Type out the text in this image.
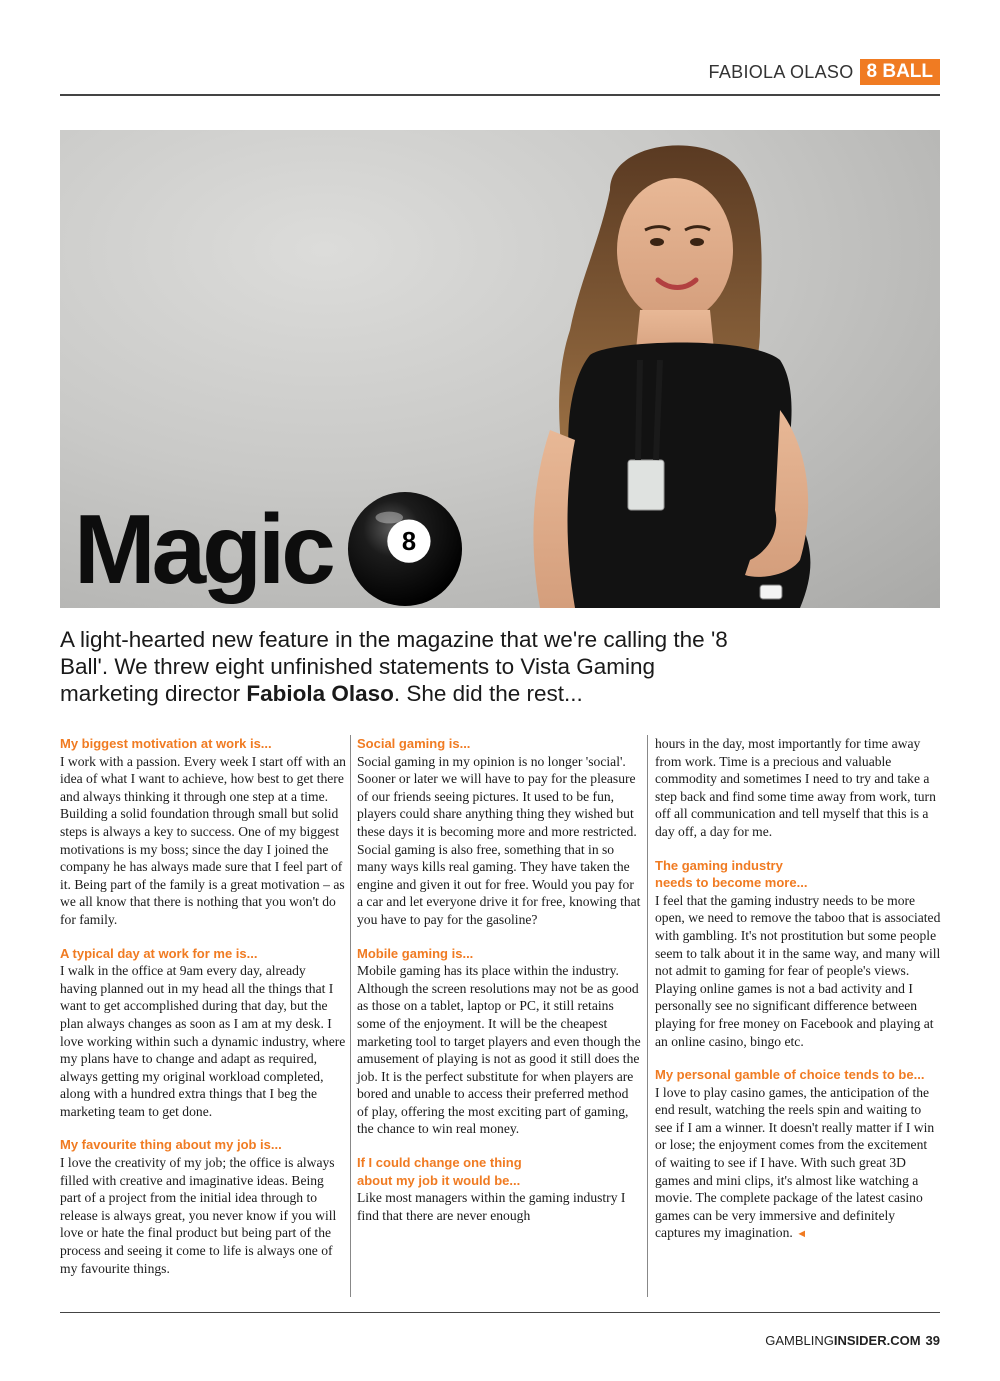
FABIOLA OLASO 8 BALL
Magic	8
A light-hearted new feature in the magazine that we're calling the '8 Ball'. We threw eight unfinished statements to Vista Gaming marketing director Fabiola Olaso. She did the rest...
My biggest motivation at work is...

I work with a passion. Every week I start off with an idea of what I want to achieve, how best to get there and always thinking it through one step at a time. Building a solid foundation through small but solid steps is always a key to success. One of my biggest motivations is my boss; since the day I joined the company he has always made sure that I feel part of it. Being part of the family is a great motivation – as we all know that there is nothing that you won't do for family.

A typical day at work for me is...

I walk in the office at 9am every day, already having planned out in my head all the things that I want to get accomplished during that day, but the plan always changes as soon as I am at my desk. I love working within such a dynamic industry, where my plans have to change and adapt as required, always getting my original workload completed, along with a hundred extra things that I beg the marketing team to get done.

My favourite thing about my job is...

I love the creativity of my job; the office is always filled with creative and imaginative ideas. Being part of a project from the initial idea through to release is always great, you never know if you will love or hate the final product but being part of the process and seeing it come to life is always one of my favourite things.

Social gaming is...

Social gaming in my opinion is no longer 'social'. Sooner or later we will have to pay for the pleasure of our friends seeing pictures. It used to be fun, players could share anything thing they wished but these days it is becoming more and more restricted. Social gaming is also free, something that in so many ways kills real gaming. They have taken the engine and given it out for free. Would you pay for a car and let everyone drive it for free, knowing that you have to pay for the gasoline?

Mobile gaming is...

Mobile gaming has its place within the industry. Although the screen resolutions may not be as good as those on a tablet, laptop or PC, it still retains some of the enjoyment. It will be the cheapest marketing tool to target players and even though the amusement of playing is not as good it still does the job. It is the perfect substitute for when players are bored and unable to access their preferred method of play, offering the most exciting part of gaming, the chance to win real money.

If I could change one thing
about my job it would be...

Like most managers within the gaming industry I find that there are never enough

hours in the day, most importantly for time away from work. Time is a precious and valuable commodity and sometimes I need to try and take a step back and find some time away from work, turn off all communication and tell myself that this is a day off, a day for me.

The gaming industry
needs to become more...

I feel that the gaming industry needs to be more open, we need to remove the taboo that is associated with gambling. It's not prostitution but some people seem to talk about it in the same way, and many will not admit to gaming for fear of people's views. Playing online games is not a bad activity and I personally see no significant difference between playing for free money on Facebook and playing at an online casino, bingo etc.

My personal gamble of choice tends to be...

I love to play casino games, the anticipation of the end result, watching the reels spin and waiting to see if I am a winner. It doesn't really matter if I win or lose; the enjoyment comes from the excitement of waiting to see if I have. With such great 3D games and mini clips, it's almost like watching a movie. The complete package of the latest casino games can be very immersive and definitely captures my imagination. ◄

GAMBLINGINSIDER.COM 39
